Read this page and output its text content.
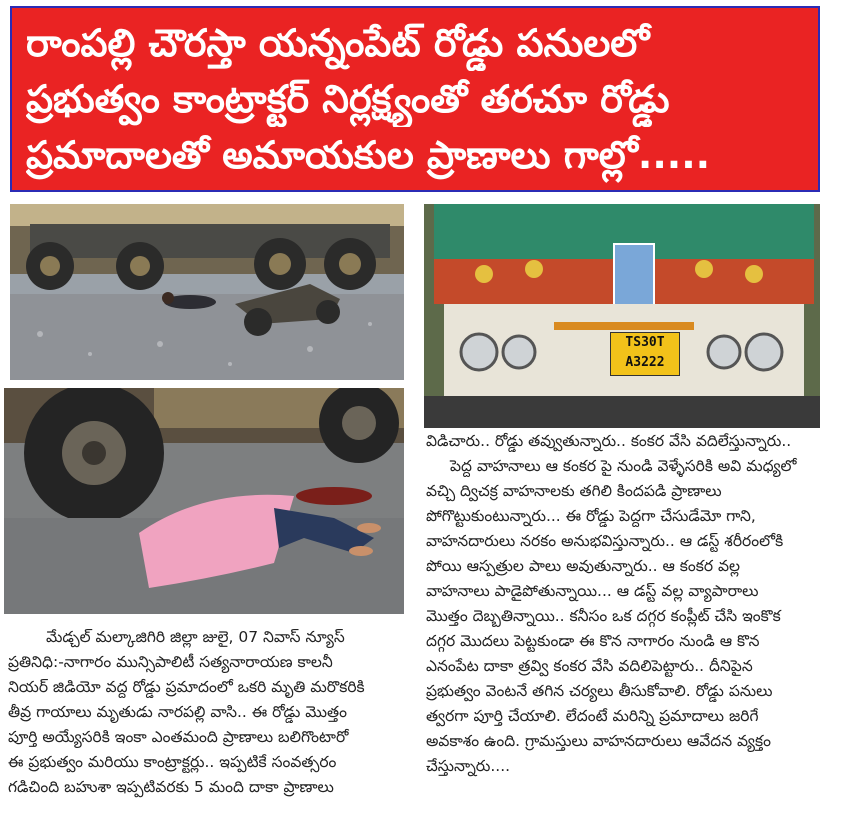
రాంపల్లి చౌరస్తా యన్నంపేట్ రోడ్డు పనులలో
ప్రభుత్వం కాంట్రాక్టర్ నిర్లక్ష్యంతో తరచూ రోడ్డు
ప్రమాదాలతో అమాయకుల ప్రాణాలు గాల్లో.....
TS30T
A3222
మేడ్చల్ మల్కాజిగిరి జిల్లా జులై, 07 నివాస్ న్యూస్
ప్రతినిధి:-నాగారం మున్సిపాలిటీ సత్యనారాయణ కాలనీ
నియర్ జిడియో వద్ద రోడ్డు ప్రమాదంలో ఒకరి మృతి మరొకరికి
తీవ్ర గాయాలు మృతుడు నారపల్లి వాసి.. ఈ రోడ్డు మొత్తం
పూర్తి అయ్యేసరికి ఇంకా ఎంతమంది ప్రాణాలు బలిగొంటారో
ఈ ప్రభుత్వం మరియు కాంట్రాక్టర్లు.. ఇప్పటికే సంవత్సరం
గడిచింది బహుశా ఇప్పటివరకు 5 మంది దాకా ప్రాణాలు
విడిచారు.. రోడ్డు తవ్వుతున్నారు.. కంకర వేసి వదిలేస్తున్నారు..
పెద్ద వాహనాలు ఆ కంకర పై నుండి వెళ్ళేసరికి అవి మధ్యలో
వచ్చి ద్విచక్ర వాహనాలకు తగిలి కిందపడి ప్రాణాలు
పోగొట్టుకుంటున్నారు... ఈ రోడ్డు పెద్దగా చేసుడేమో గాని,
వాహనదారులు నరకం అనుభవిస్తున్నారు.. ఆ డస్ట్ శరీరంలోకి
పోయి ఆస్పత్రుల పాలు అవుతున్నారు.. ఆ కంకర వల్ల
వాహనాలు పాడైపోతున్నాయి... ఆ డస్ట్ వల్ల వ్యాపారాలు
మొత్తం దెబ్బతిన్నాయి.. కనీసం ఒక దగ్గర కంప్లీట్ చేసి ఇంకొక
దగ్గర మొదలు పెట్టకుండా ఈ కొన నాగారం నుండి ఆ కొన
ఎనంపేట దాకా త్రవ్వి కంకర వేసి వదిలిపెట్టారు.. దీనిపైన
ప్రభుత్వం వెంటనే తగిన చర్యలు తీసుకోవాలి. రోడ్డు పనులు
త్వరగా పూర్తి చేయాలి. లేదంటే మరిన్ని ప్రమాదాలు జరిగే
అవకాశం ఉంది. గ్రామస్తులు వాహనదారులు ఆవేదన వ్యక్తం
చేస్తున్నారు....
